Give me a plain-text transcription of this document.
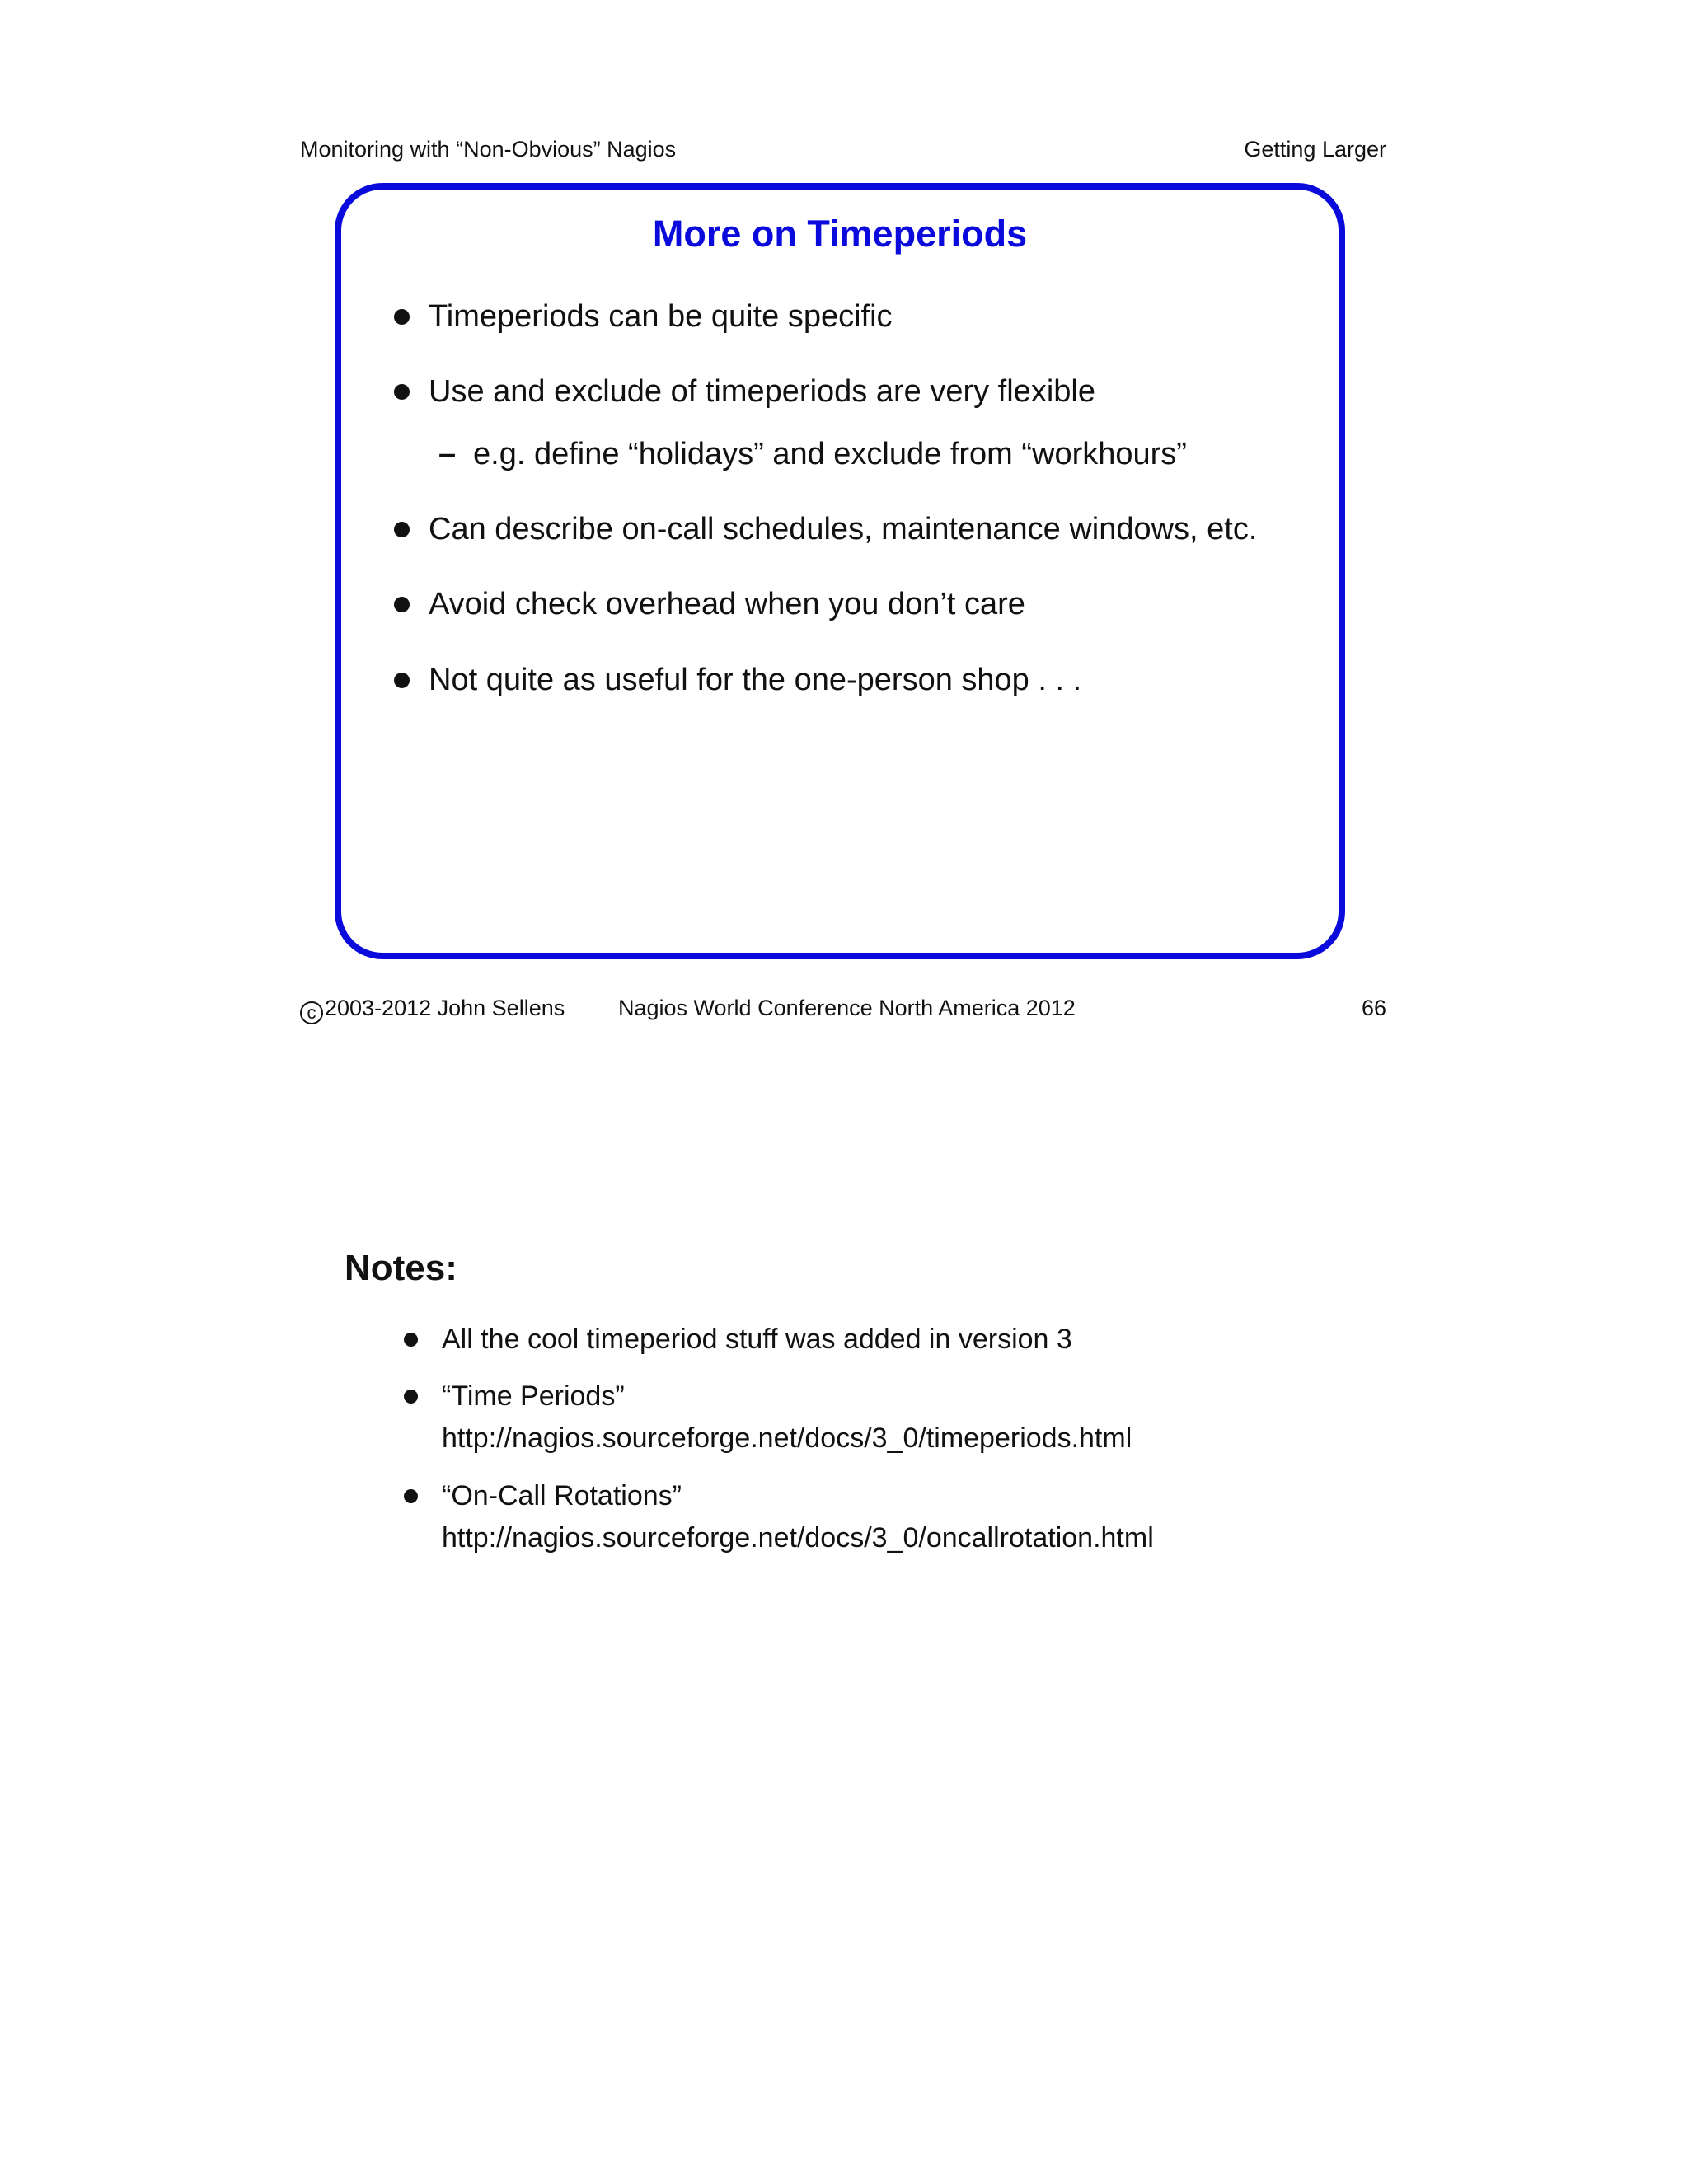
Monitoring with “Non-Obvious” Nagios	Getting Larger
More on Timeperiods
Timeperiods can be quite specific
Use and exclude of timeperiods are very flexible
– e.g. define “holidays” and exclude from “workhours”
Can describe on-call schedules, maintenance windows, etc.
Avoid check overhead when you don’t care
Not quite as useful for the one-person shop . . .
c 2003-2012 John Sellens Nagios World Conference North America 2012	66
Notes:
All the cool timeperiod stuff was added in version 3
“Time Periods”
http://nagios.sourceforge.net/docs/3_0/timeperiods.html
“On-Call Rotations”
http://nagios.sourceforge.net/docs/3_0/oncallrotation.html
